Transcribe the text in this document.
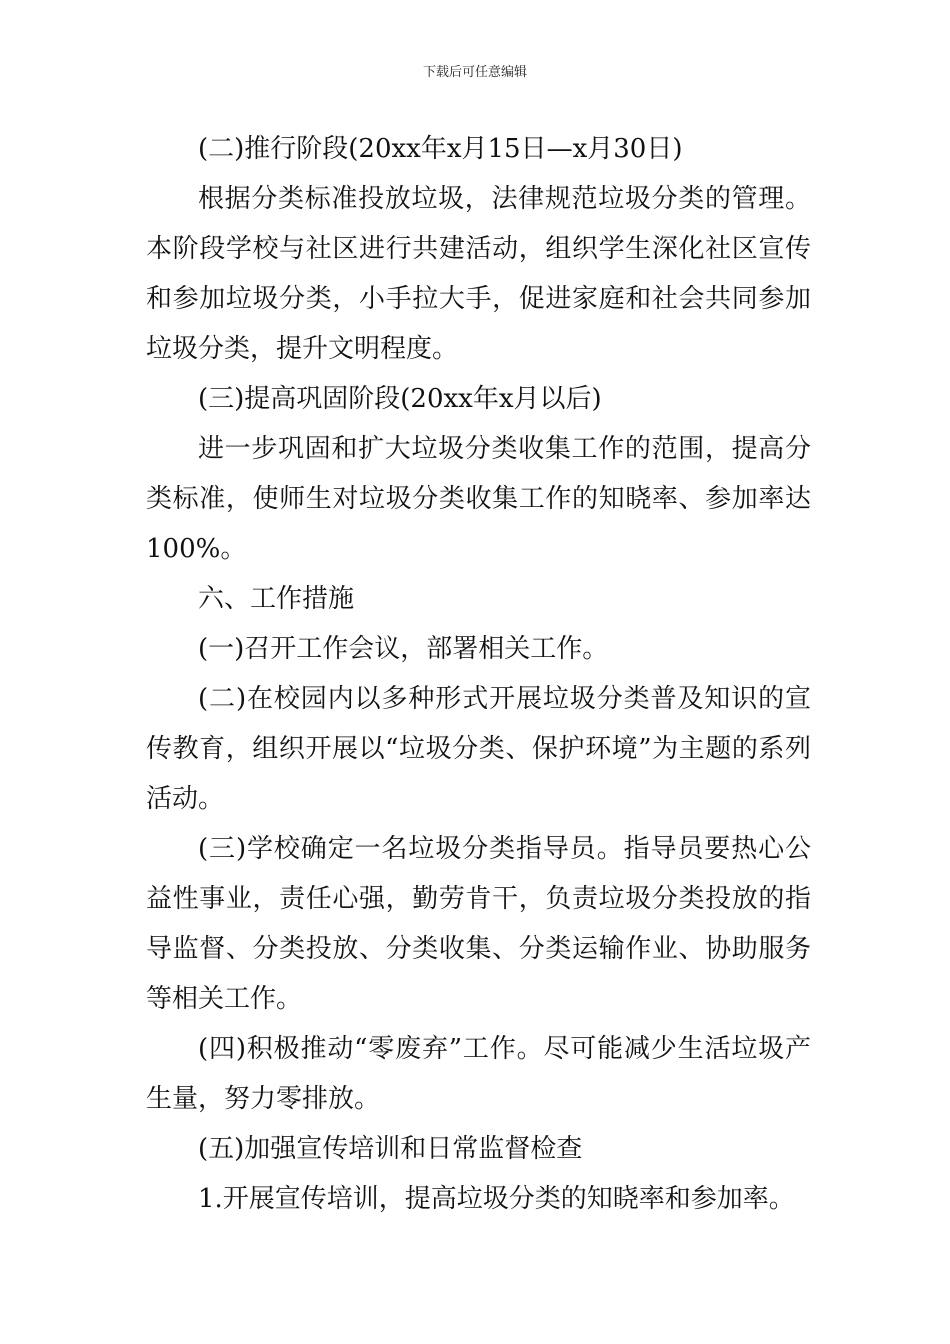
下载后可任意编辑

(二)推行阶段(20xx年x月15日—x月30日)

根据分类标准投放垃圾，法律规范垃圾分类的管理。本阶段学校与社区进行共建活动，组织学生深化社区宣传和参加垃圾分类，小手拉大手，促进家庭和社会共同参加垃圾分类，提升文明程度。

(三)提高巩固阶段(20xx年x月以后)

进一步巩固和扩大垃圾分类收集工作的范围，提高分类标准，使师生对垃圾分类收集工作的知晓率、参加率达100%。

六、工作措施

(一)召开工作会议，部署相关工作。

(二)在校园内以多种形式开展垃圾分类普及知识的宣传教育，组织开展以“垃圾分类、保护环境”为主题的系列活动。

(三)学校确定一名垃圾分类指导员。指导员要热心公益性事业，责任心强，勤劳肯干，负责垃圾分类投放的指导监督、分类投放、分类收集、分类运输作业、协助服务等相关工作。

(四)积极推动“零废弃”工作。尽可能减少生活垃圾产生量，努力零排放。

(五)加强宣传培训和日常监督检查

1.开展宣传培训，提高垃圾分类的知晓率和参加率。
